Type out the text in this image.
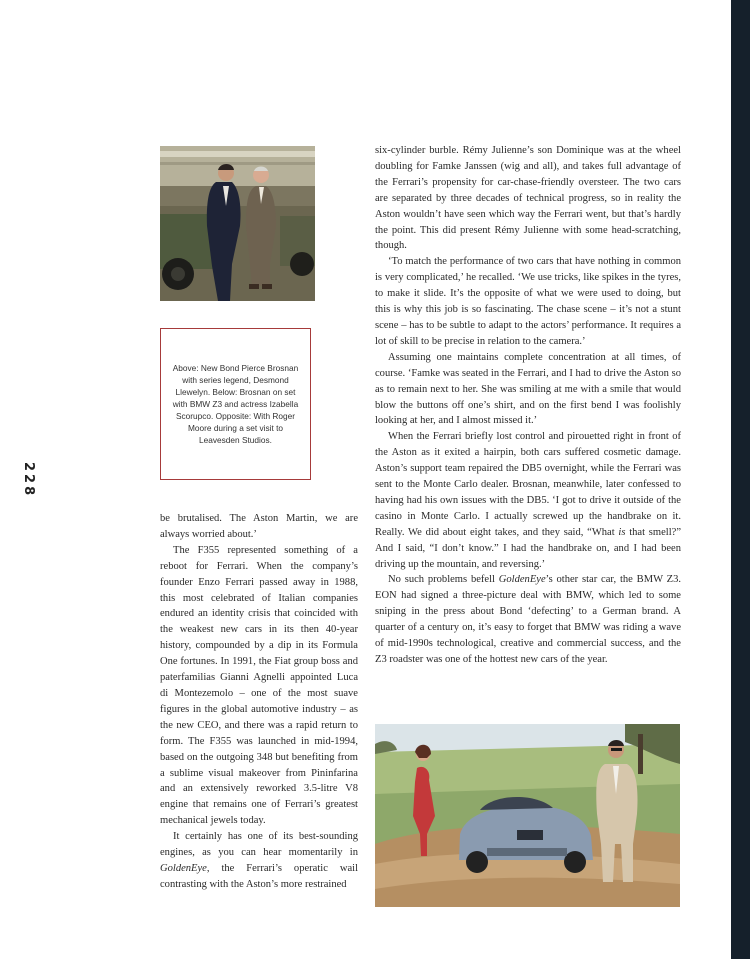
228
Above: New Bond Pierce Brosnan with series legend, Desmond Llewelyn. Below: Brosnan on set with BMW Z3 and actress Izabella Scorupco. Opposite: With Roger Moore during a set visit to Leavesden Studios.

be brutalised. The Aston Martin, we are always worried about.’

The F355 represented something of a reboot for Ferrari. When the company’s founder Enzo Ferrari passed away in 1988, this most celebrated of Italian companies endured an identity crisis that coincided with the weakest new cars in its then 40-year history, compounded by a dip in its Formula One fortunes. In 1991, the Fiat group boss and paterfamilias Gianni Agnelli appointed Luca di Montezemolo – one of the most suave figures in the global automotive industry – as the new CEO, and there was a rapid return to form. The F355 was launched in mid-1994, based on the outgoing 348 but benefiting from a sublime visual makeover from Pininfarina and an extensively reworked 3.5-litre V8 engine that remains one of Ferrari’s greatest mechanical jewels today.

It certainly has one of its best-sounding engines, as you can hear momentarily in GoldenEye, the Ferrari’s operatic wail contrasting with the Aston’s more restrained

six-cylinder burble. Rémy Julienne’s son Dominique was at the wheel doubling for Famke Janssen (wig and all), and takes full advantage of the Ferrari’s propensity for car-chase-friendly oversteer. The two cars are separated by three decades of technical progress, so in reality the Aston wouldn’t have seen which way the Ferrari went, but that’s hardly the point. This did present Rémy Julienne with some head-scratching, though.

‘To match the performance of two cars that have nothing in common is very complicated,’ he recalled. ‘We use tricks, like spikes in the tyres, to make it slide. It’s the opposite of what we were used to doing, but this is why this job is so fascinating. The chase scene – it’s not a stunt scene – has to be subtle to adapt to the actors’ performance. It requires a lot of skill to be precise in relation to the camera.’

Assuming one maintains complete concentration at all times, of course. ‘Famke was seated in the Ferrari, and I had to drive the Aston so as to remain next to her. She was smiling at me with a smile that would blow the buttons off one’s shirt, and on the first bend I was foolishly looking at her, and I almost missed it.’

When the Ferrari briefly lost control and pirouetted right in front of the Aston as it exited a hairpin, both cars suffered cosmetic damage. Aston’s support team repaired the DB5 overnight, while the Ferrari was sent to the Monte Carlo dealer. Brosnan, meanwhile, later confessed to having had his own issues with the DB5. ‘I got to drive it outside of the casino in Monte Carlo. I actually screwed up the handbrake on it. Really. We did about eight takes, and they said, “What is that smell?” And I said, “I don’t know.” I had the handbrake on, and I had been driving up the mountain, and reversing.’

No such problems befell GoldenEye’s other star car, the BMW Z3. EON had signed a three-picture deal with BMW, which led to some sniping in the press about Bond ‘defecting’ to a German brand. A quarter of a century on, it’s easy to forget that BMW was riding a wave of mid-1990s technological, creative and commercial success, and the Z3 roadster was one of the hottest new cars of the year.
